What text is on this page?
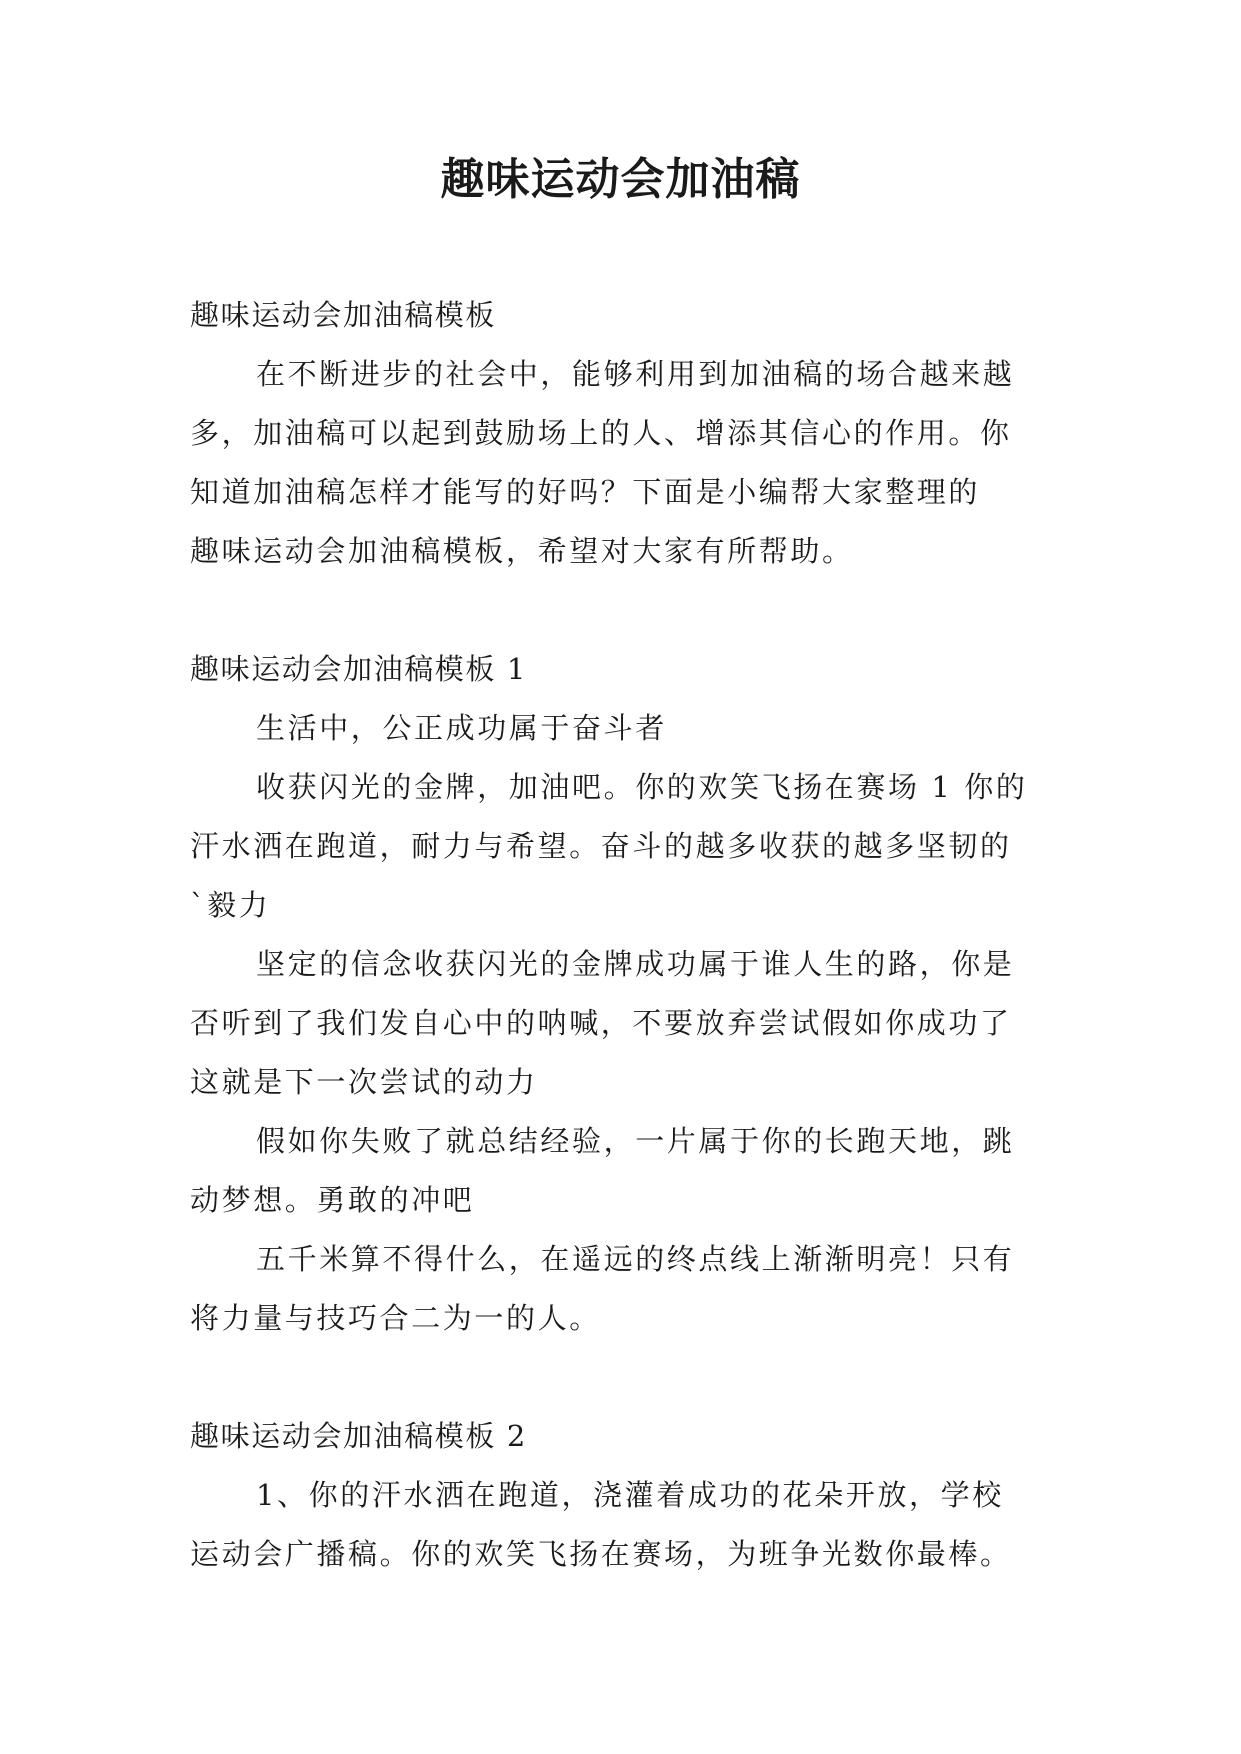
趣味运动会加油稿
趣味运动会加油稿模板
在不断进步的社会中，能够利用到加油稿的场合越来越
多，加油稿可以起到鼓励场上的人、增添其信心的作用。你
知道加油稿怎样才能写的好吗？下面是小编帮大家整理的
趣味运动会加油稿模板，希望对大家有所帮助。
趣味运动会加油稿模板 1
生活中，公正成功属于奋斗者
收获闪光的金牌，加油吧。你的欢笑飞扬在赛场 1 你的
汗水洒在跑道，耐力与希望。奋斗的越多收获的越多坚韧的
`毅力
坚定的信念收获闪光的金牌成功属于谁人生的路，你是
否听到了我们发自心中的呐喊，不要放弃尝试假如你成功了
这就是下一次尝试的动力
假如你失败了就总结经验，一片属于你的长跑天地，跳
动梦想。勇敢的冲吧
五千米算不得什么，在遥远的终点线上渐渐明亮！只有
将力量与技巧合二为一的人。
趣味运动会加油稿模板 2
1、你的汗水洒在跑道，浇灌着成功的花朵开放，学校
运动会广播稿。你的欢笑飞扬在赛场，为班争光数你最棒。
